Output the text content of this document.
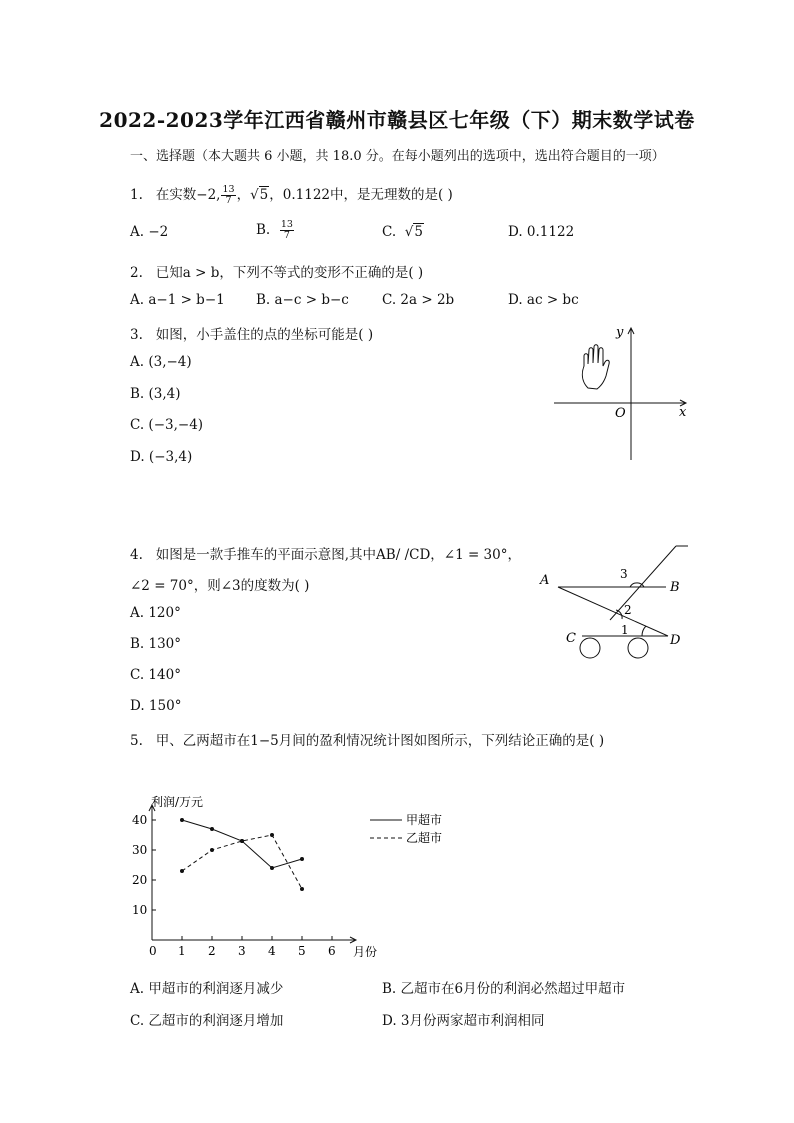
2022-2023学年江西省赣州市赣县区七年级（下）期末数学试卷
一、选择题（本大题共 6 小题，共 18.0 分。在每小题列出的选项中，选出符合题目的一项）
1. 在实数−2, $\frac{13}{7}$ ，√5，0.1122中，是无理数的是( )
A. −2	B. $\frac{13}{7}$	C. √5	D. 0.1122
2. 已知a > b，下列不等式的变形不正确的是( )
A. a−1 > b−1 B. a−c > b−c C. 2a > 2b	D. ac > bc
3. 如图，小手盖住的点的坐标可能是( )
A. (3,−4)
B. (3,4)
C. (−3,−4)
D. (−3,4)
y
x
O
4. 如图是一款手推车的平面示意图,其中AB/ /CD，∠1 = 30°，
∠2 = 70°，则∠3的度数为( )
A. 120°
B. 130°
C. 140°
D. 150°
A	B
C	D
3
2
1
5. 甲、乙两超市在1−5月间的盈利情况统计图如图所示，下列结论正确的是( )
0 1 2 3 4 5 6
10
20
30
40
利润/万元
月份
甲超市
乙超市
A. 甲超市的利润逐月减少	B. 乙超市在6月份的利润必然超过甲超市
C. 乙超市的利润逐月增加	D. 3月份两家超市利润相同
